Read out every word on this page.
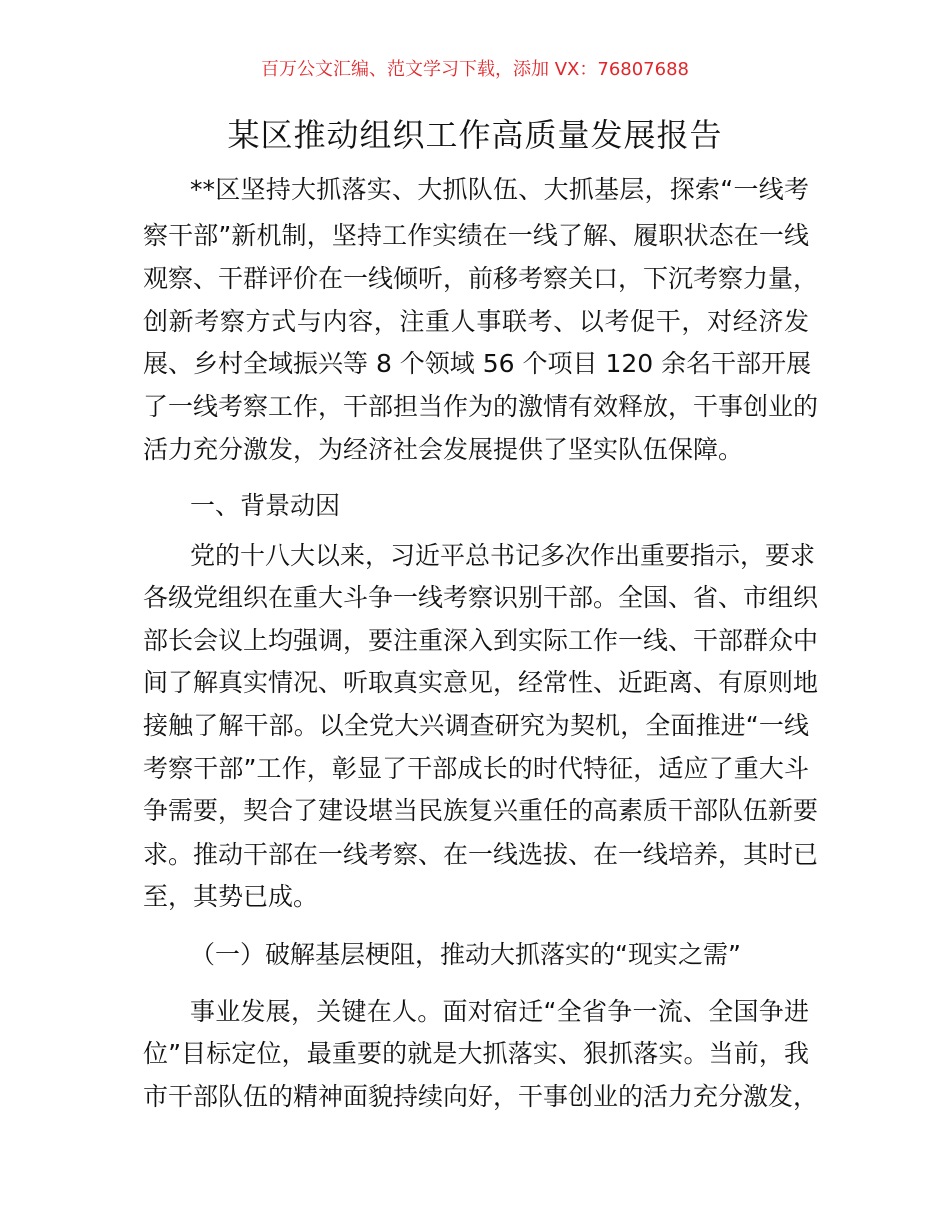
百万公文汇编、范文学习下载，添加 VX：76807688
某区推动组织工作高质量发展报告
**区坚持大抓落实、大抓队伍、大抓基层，探索“一线考
察干部”新机制，坚持工作实绩在一线了解、履职状态在一线
观察、干群评价在一线倾听，前移考察关口，下沉考察力量，
创新考察方式与内容，注重人事联考、以考促干，对经济发
展、乡村全域振兴等 8 个领域 56 个项目 120 余名干部开展
了一线考察工作，干部担当作为的激情有效释放，干事创业的
活力充分激发，为经济社会发展提供了坚实队伍保障。
一、背景动因
党的十八大以来，习近平总书记多次作出重要指示，要求
各级党组织在重大斗争一线考察识别干部。全国、省、市组织
部长会议上均强调，要注重深入到实际工作一线、干部群众中
间了解真实情况、听取真实意见，经常性、近距离、有原则地
接触了解干部。以全党大兴调查研究为契机，全面推进“一线
考察干部”工作，彰显了干部成长的时代特征，适应了重大斗
争需要，契合了建设堪当民族复兴重任的高素质干部队伍新要
求。推动干部在一线考察、在一线选拔、在一线培养，其时已
至，其势已成。
（一）破解基层梗阻，推动大抓落实的“现实之需”
事业发展，关键在人。面对宿迁“全省争一流、全国争进
位”目标定位，最重要的就是大抓落实、狠抓落实。当前，我
市干部队伍的精神面貌持续向好，干事创业的活力充分激发，
